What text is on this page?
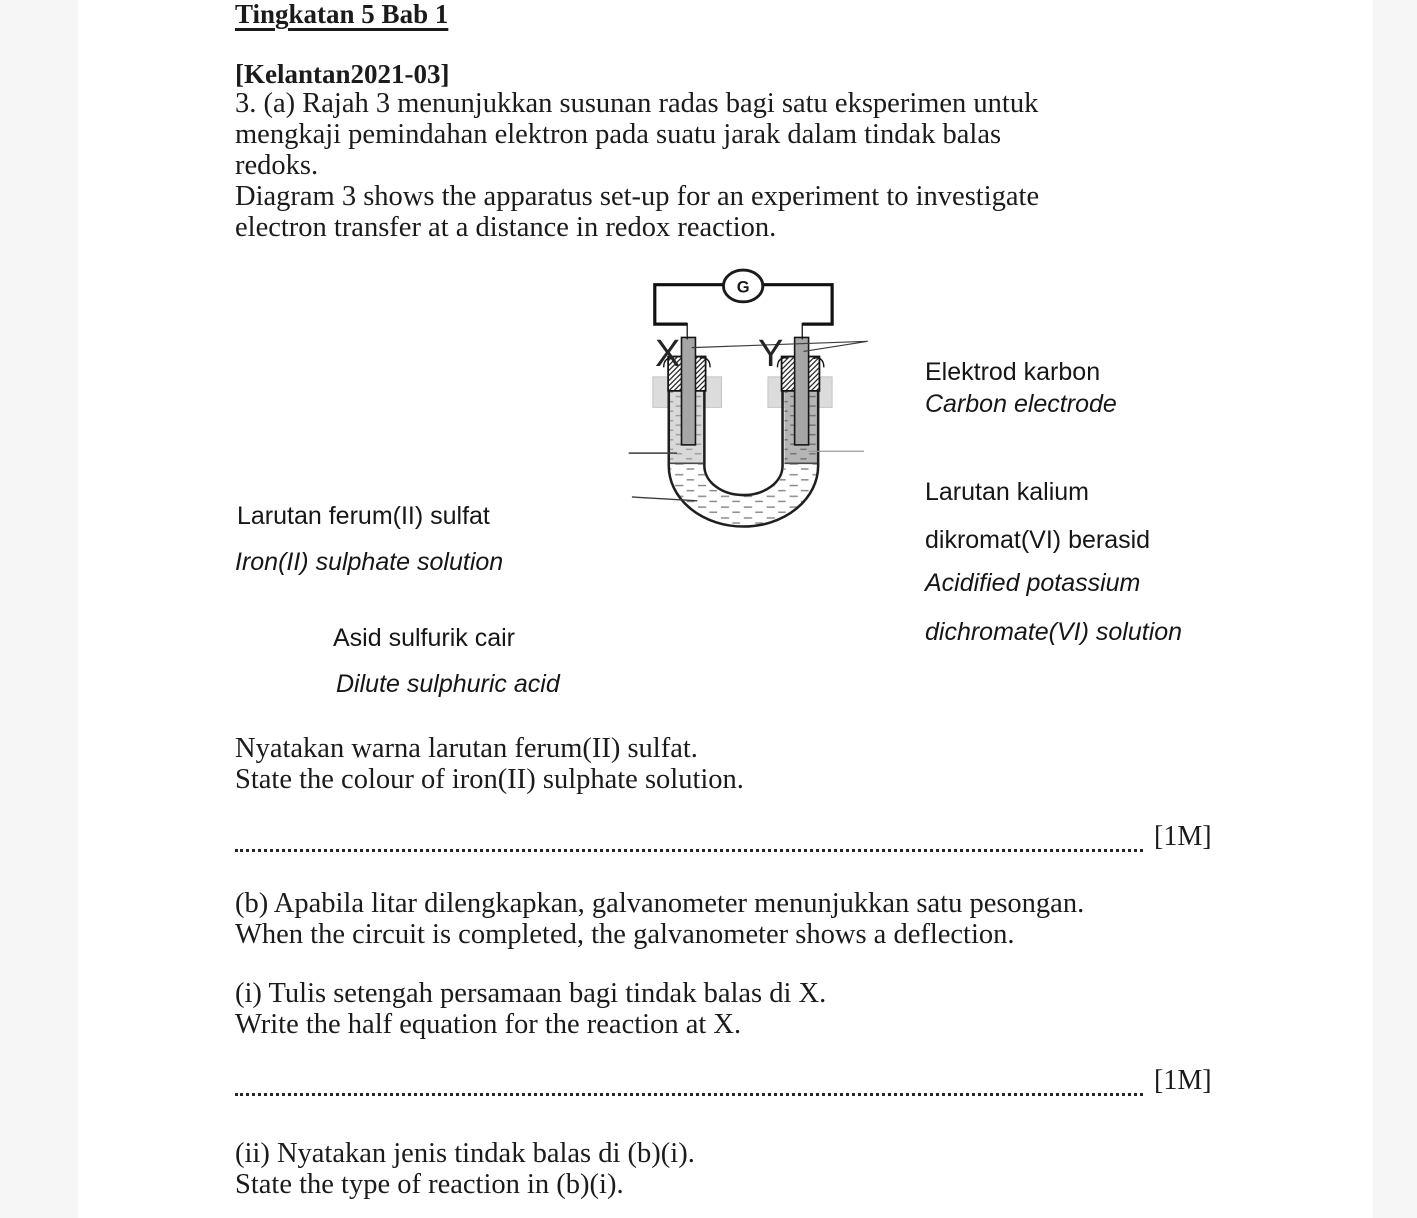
Tingkatan 5 Bab 1
[Kelantan2021-03]
3. (a) Rajah 3 menunjukkan susunan radas bagi satu eksperimen untuk
mengkaji pemindahan elektron pada suatu jarak dalam tindak balas
redoks.
Diagram 3 shows the apparatus set-up for an experiment to investigate
electron transfer at a distance in redox reaction.
G
X Y	Elektrod karbon
Carbon electrode
Larutan ferum(II) sulfat
Iron(II) sulphate solution
Asid sulfurik cair
Dilute sulphuric acid
Larutan kalium
dikromat(VI) berasid
Acidified potassium
dichromate(VI) solution
Nyatakan warna larutan ferum(II) sulfat.
State the colour of iron(II) sulphate solution.
[1M]
(b) Apabila litar dilengkapkan, galvanometer menunjukkan satu pesongan.
When the circuit is completed, the galvanometer shows a deflection.
(i) Tulis setengah persamaan bagi tindak balas di X.
Write the half equation for the reaction at X.
[1M]
(ii) Nyatakan jenis tindak balas di (b)(i).
State the type of reaction in (b)(i).
